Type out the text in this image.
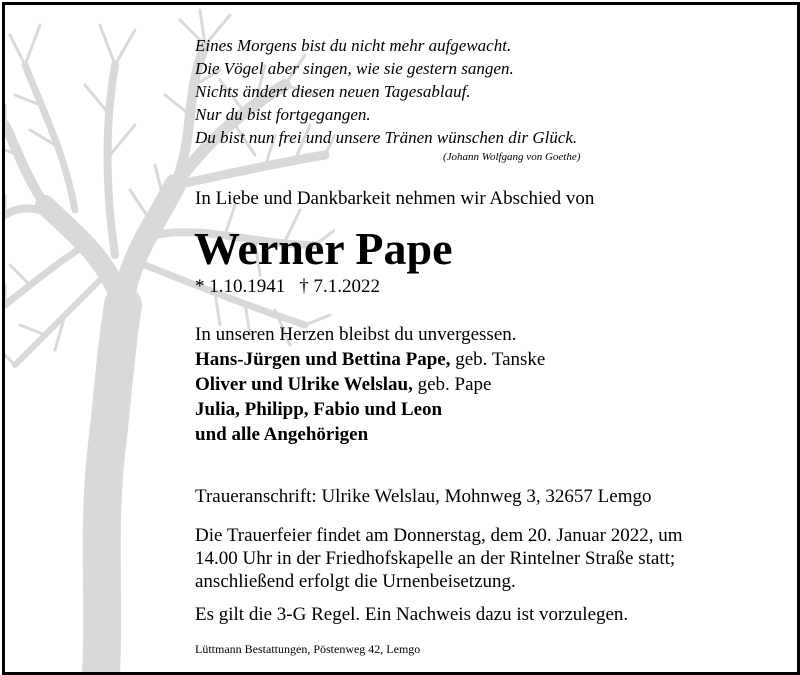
Eines Morgens bist du nicht mehr aufgewacht.
Die Vögel aber singen, wie sie gestern sangen.
Nichts ändert diesen neuen Tagesablauf.
Nur du bist fortgegangen.
Du bist nun frei und unsere Tränen wünschen dir Glück.
(Johann Wolfgang von Goethe)
In Liebe und Dankbarkeit nehmen wir Abschied von
Werner Pape
* 1.10.1941 † 7.1.2022
In unseren Herzen bleibst du unvergessen.
Hans-Jürgen und Bettina Pape, geb. Tanske
Oliver und Ulrike Welslau, geb. Pape
Julia, Philipp, Fabio und Leon
und alle Angehörigen
Traueranschrift: Ulrike Welslau, Mohnweg 3, 32657 Lemgo
Die Trauerfeier findet am Donnerstag, dem 20. Januar 2022, um
14.00 Uhr in der Friedhofskapelle an der Rintelner Straße statt;
anschließend erfolgt die Urnenbeisetzung.
Es gilt die 3-G Regel. Ein Nachweis dazu ist vorzulegen.
Lüttmann Bestattungen, Pöstenweg 42, Lemgo
